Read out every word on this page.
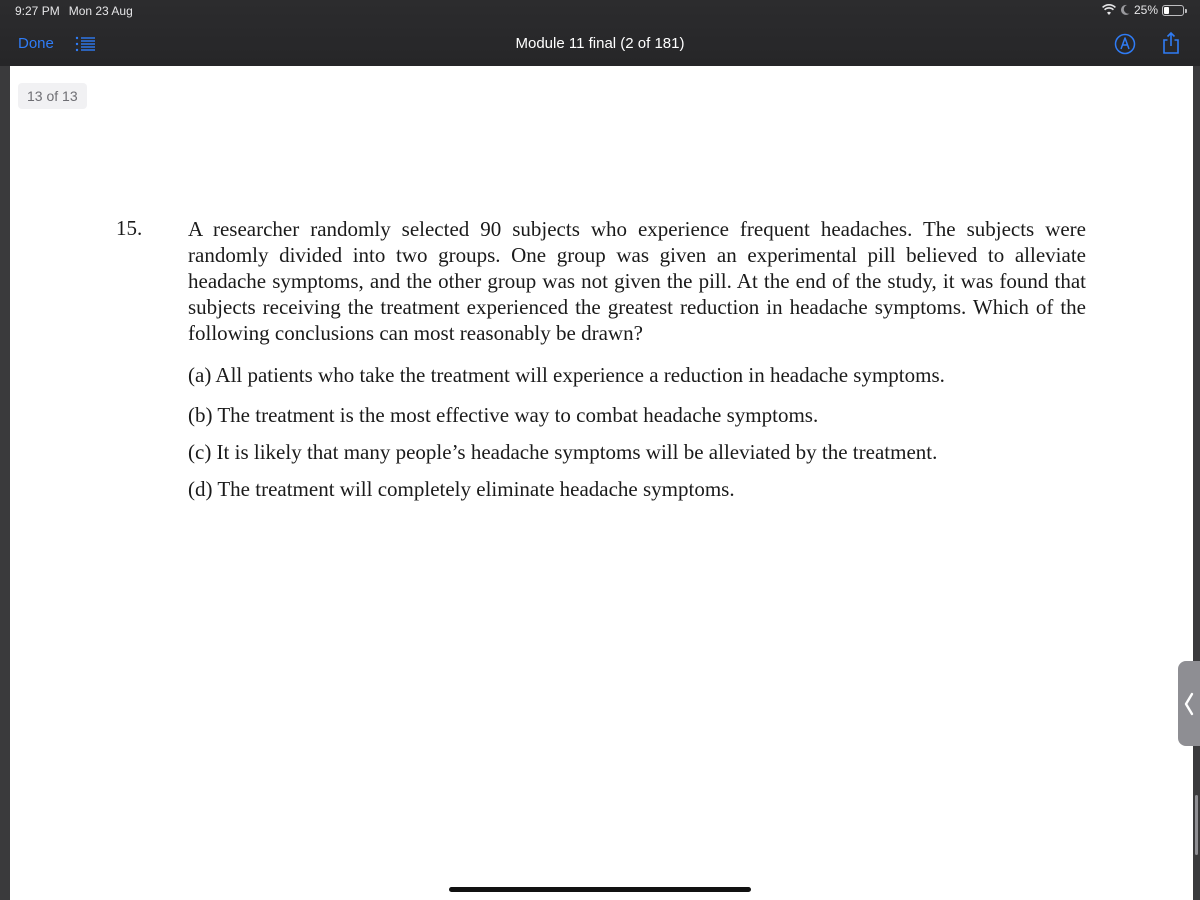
9:27 PM Mon 23 Aug	25%
Done	Module 11 final (2 of 181)
13 of 13
15. A researcher randomly selected 90 subjects who experience frequent headaches. The subjects were randomly divided into two groups. One group was given an experimental pill believed to alleviate headache symptoms, and the other group was not given the pill. At the end of the study, it was found that subjects receiving the treatment experienced the greatest reduction in headache symptoms. Which of the following conclusions can most reasonably be drawn?
(a) All patients who take the treatment will experience a reduction in headache symptoms.
(b) The treatment is the most effective way to combat headache symptoms.
(c) It is likely that many people’s headache symptoms will be alleviated by the treatment.
(d) The treatment will completely eliminate headache symptoms.
